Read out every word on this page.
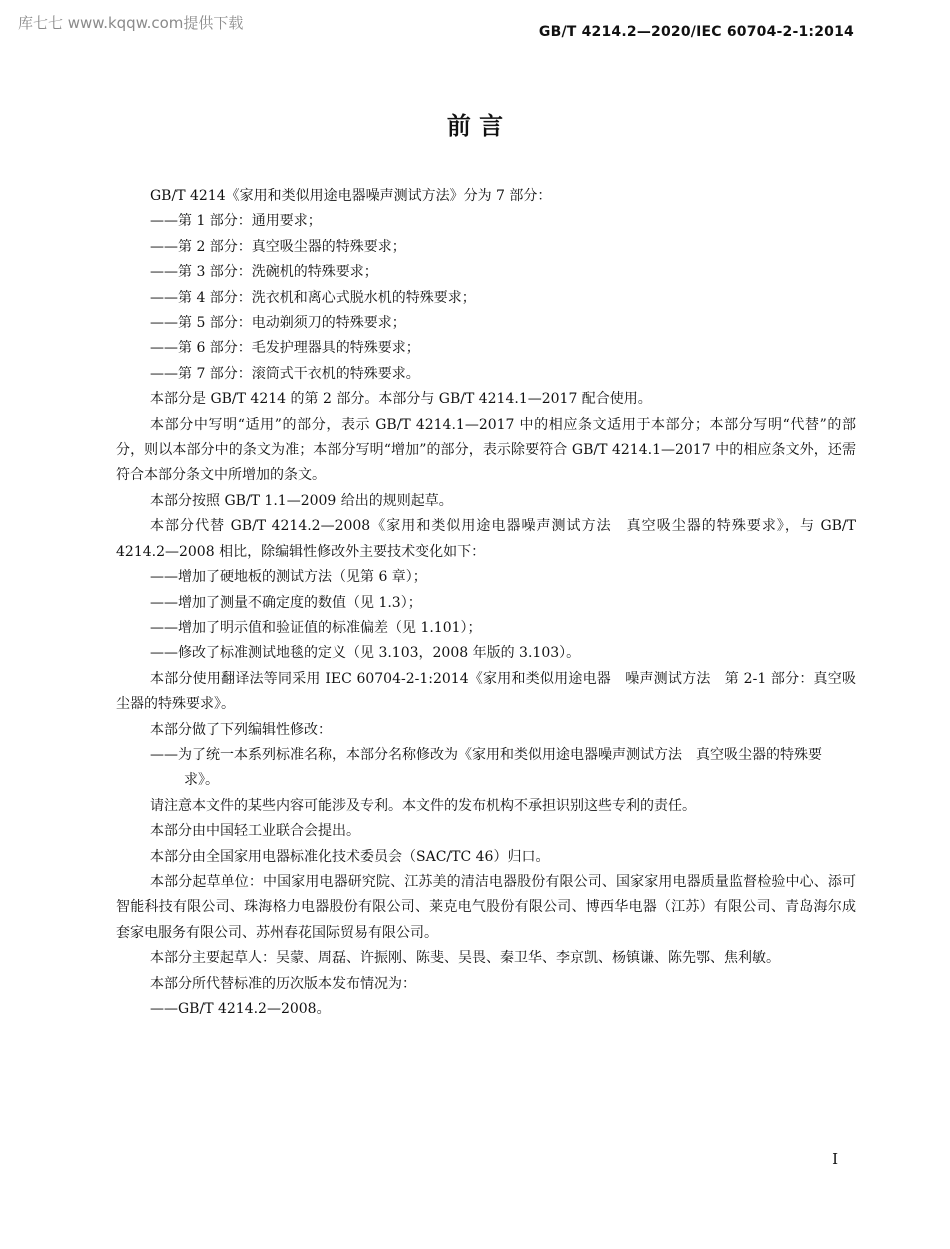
库七七 www.kqqw.com提供下载	GB/T 4214.2—2020/IEC 60704-2-1:2014
前 言
GB/T 4214《家用和类似用途电器噪声测试方法》分为 7 部分：
——第 1 部分：通用要求；
——第 2 部分：真空吸尘器的特殊要求；
——第 3 部分：洗碗机的特殊要求；
——第 4 部分：洗衣机和离心式脱水机的特殊要求；
——第 5 部分：电动剃须刀的特殊要求；
——第 6 部分：毛发护理器具的特殊要求；
——第 7 部分：滚筒式干衣机的特殊要求。
本部分是 GB/T 4214 的第 2 部分。本部分与 GB/T 4214.1—2017 配合使用。
本部分中写明“适用”的部分，表示 GB/T 4214.1—2017 中的相应条文适用于本部分；本部分写明“代替”的部分，则以本部分中的条文为准；本部分写明“增加”的部分，表示除要符合 GB/T 4214.1—2017 中的相应条文外，还需符合本部分条文中所增加的条文。
本部分按照 GB/T 1.1—2009 给出的规则起草。
本部分代替 GB/T 4214.2—2008《家用和类似用途电器噪声测试方法　真空吸尘器的特殊要求》，与 GB/T 4214.2—2008 相比，除编辑性修改外主要技术变化如下：
——增加了硬地板的测试方法（见第 6 章）；
——增加了测量不确定度的数值（见 1.3）；
——增加了明示值和验证值的标准偏差（见 1.101）；
——修改了标准测试地毯的定义（见 3.103，2008 年版的 3.103）。
本部分使用翻译法等同采用 IEC 60704-2-1:2014《家用和类似用途电器　噪声测试方法　第 2-1 部分：真空吸尘器的特殊要求》。
本部分做了下列编辑性修改：
——为了统一本系列标准名称，本部分名称修改为《家用和类似用途电器噪声测试方法　真空吸尘器的特殊要求》。
请注意本文件的某些内容可能涉及专利。本文件的发布机构不承担识别这些专利的责任。
本部分由中国轻工业联合会提出。
本部分由全国家用电器标准化技术委员会（SAC/TC 46）归口。
本部分起草单位：中国家用电器研究院、江苏美的清洁电器股份有限公司、国家家用电器质量监督检验中心、添可智能科技有限公司、珠海格力电器股份有限公司、莱克电气股份有限公司、博西华电器（江苏）有限公司、青岛海尔成套家电服务有限公司、苏州春花国际贸易有限公司。
本部分主要起草人：吴蒙、周磊、许振刚、陈斐、吴畏、秦卫华、李京凯、杨镇谦、陈先鄂、焦利敏。
本部分所代替标准的历次版本发布情况为：
——GB/T 4214.2—2008。
I
